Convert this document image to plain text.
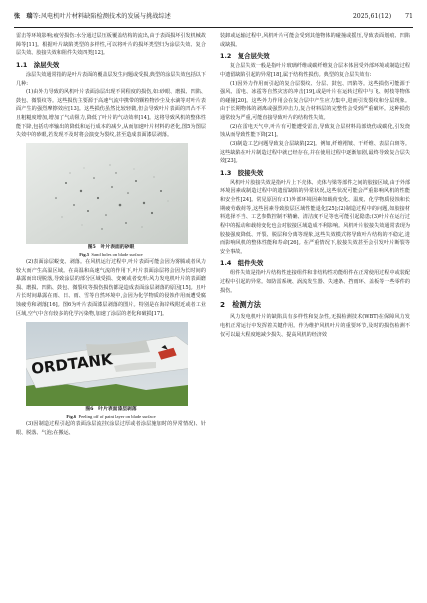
张　瑞等:风电机叶片材料缺陷检测技术的发展与挑战综述	2025,61(12) 71

雷击等环境影响;疲劳损伤:水分通过层压板覆盖结构的流出,由于表面损坏引发机械故障等[11]。根据叶片缺陷类型的多样性,可以将叶片的损坏类型归为涂层失效、复合层失效、胶接失效和阻件失效四类[12]。

1.1　涂层失效

涂层失效通常指的是叶片表面的覆盖层发生问题或受损,典型的涂层失效包括以下几种:

(1)由外力导致的风机叶片表面涂层出现不同程度的损伤,如:砂眼、磨损、凹陷、鼓包、微裂纹等。这些损伤主要源于高速气流中携带的颗粒物沙尘及水滴等对叶片表面产生的强烈摩擦效应[13]。这些损伤虽然比较轻微,但会导致叶片表面的凹凸不平且粗糙度增加,增加了气动阻力,降低了叶片的气动效率[14]。这将导致风机的整体性能下降,包括功率输出的降低和运行成本的减少,从而加速叶片材料的老化,图5为图层失效中的砂眼,若发现不及时将会演变为裂纹,甚至造成表面漆层剥落。

图5　叶片表面的砂眼
Fig.5 Sand holes on blade surface

(2)表面涂层蜕变、剥落。在风机运行过程中,叶片表面可能会因为雾腾或者风力较大而产生高温区域。在高温和高速气流的作用下,叶片表面涂层将会因为长时间的暴露而出现脱落,导致涂层的部分区域受损、变硬或者变形;风力发电机叶片的表面磨损、磨损、凹陷、鼓包、微裂纹等损伤损伤都是造成表面涂层剥落的原因[15]。且叶片长时间暴露在雨、日、雨、雪等自然环境中,会因为化学物质的侵蚀作用而遭受腐蚀疲劳和剥落[16]。图6为叶片表面漆层剥落的图片。特别是在海岸线附近或者工业区域,空气中含有较多的化学污染物,加速了涂层的老化和破损[17]。

ORDTANK
图6　叶片表面漆层剥落
Fig.6 Peeling off of paint layer on blade surface

(3)因制造过程引起的表面涂层流挂(涂层过厚或者涂层施加时的异常情况)、针眼、脱落、气泡;在搬运、

装卸或运输过程中,风机叶片可能会受到其他物体的碰撞或摇压,导致表面划痕、凹陷或缺损。

1.2　复合层失效

复合层失效一般是指叶片玻璃纤维或碳纤维复合层本体因受外部环境或制造过程中遗留缺陷引起的异常[18],属于结构性损伤。典型的复合层失效有:

(1)因外力作用而引起的复合层裂纹、分层、鼓包、凹陷等。这些损伤可能源于强风、雷电、冰雹等自然灾害的冲击[19],或是叶片在运转过程中与飞、树枝等物体的碰撞[20]。这些外力作用会在复合层中产生应力集中,进而引发裂纹和分层现象。由于长期物体的剥离或强烈冲击力,复合材料层的完整性会受到严重破坏。这种损伤通常较为严重,可能直接导致叶片的结构性失效。

(2)在雷电天气中,叶片有可能遭受雷击,导致复合层材料局部烧伤或碳化,引发烧蚀从而导致性能下降[21]。

(3)制造工艺问题导致复合层缺陷[22]。例如,纤维褶皱、干纤维、表层白斑等。这些缺陷在叶片制造过程中就已经存在,并在使用过程中逐渐加剧,最终导致复合层失效[23]。

1.3　胶接失效

风机叶片胶接失效是指叶片上下壳体、壳体与梁等部件之间的胶接区域,由于外部环境因素或制造过程中的遗留缺陷的异常状况,这些状况可能会严重影响风机的性能和安全性[24]。常见原因有:(1)外部环境因素如载荷变化、温度、化学物质侵蚀和长期疲劳载荷等,这些因素导致胶层区域性能退化[25];(2)制造过程中的问题,如胶接材料选择不当、工艺参数控制不精确、清洁度不足等也可能引起隐患;(3)叶片在运行过程中的振动和载荷变化也会对胶接区域造成不利影响。风机叶片胶接失效通常表现为胶接强度降低、开裂、脱层和分离等现象,这些失效模式将导致叶片结构的不稳定,进而影响风机的整体性能和寿命[26]。在严重情况下,胶接失效甚至会引发叶片断裂等安全事故。

1.4　组件失效

组件失效是指叶片结构性连接组件和非结构性功能组件在正常使用过程中或装配过程中引起的异常。如防雷系统、涡流发生器、失速条、挡雨环、盖板等一些零件的损伤。

2　检测方法

风力发电机叶片的缺陷具有多样性和复杂性,无损检测技术(WBT)在保障风力发电机正常运行中发挥着关键作用。作为维护风机叶片的重要环节,及时的损伤检测不仅可以最大程度地减少损失、提高风机的经济效
